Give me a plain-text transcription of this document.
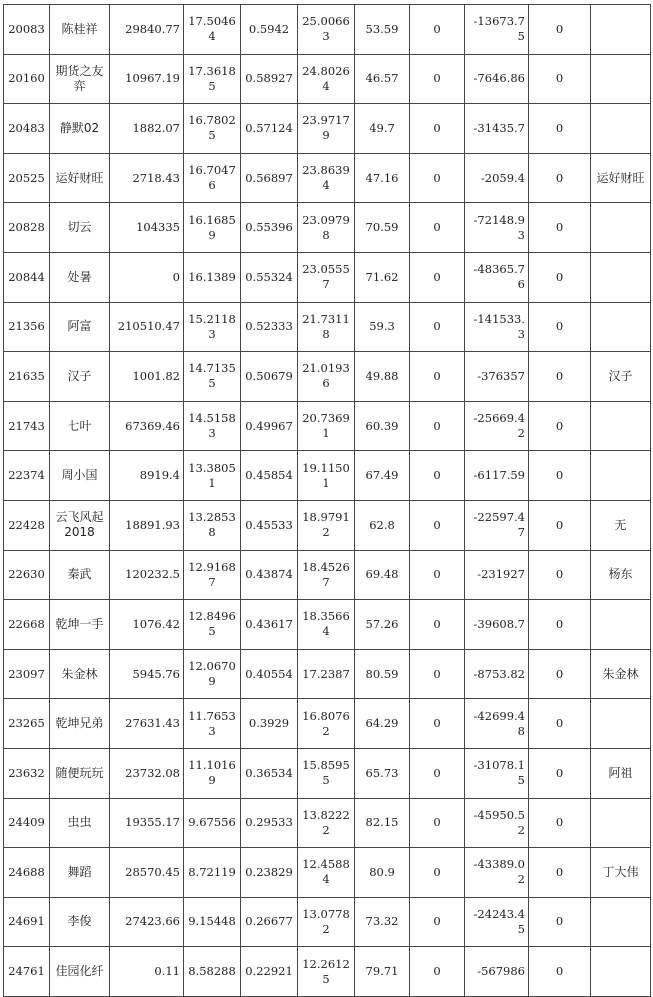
20083	陈桂祥	29840.77	17.50464	0.5942	25.00663	53.59	0	-13673.75	0	
20160	期货之友弈	10967.19	17.36185	0.58927	24.80264	46.57	0	-7646.86	0	
20483	静默02	1882.07	16.78025	0.57124	23.97179	49.7	0	-31435.7	0	
20525	运好财旺	2718.43	16.70476	0.56897	23.86394	47.16	0	-2059.4	0	运好财旺
20828	切云	104335	16.16859	0.55396	23.09798	70.59	0	-72148.93	0	
20844	处暑	0	16.1389	0.55324	23.05557	71.62	0	-48365.76	0	
21356	阿富	210510.47	15.21183	0.52333	21.73118	59.3	0	-141533.3	0	
21635	汉子	1001.82	14.71355	0.50679	21.01936	49.88	0	-376357	0	汉子
21743	七叶	67369.46	14.51583	0.49967	20.73691	60.39	0	-25669.42	0	
22374	周小国	8919.4	13.38051	0.45854	19.11501	67.49	0	-6117.59	0	
22428	云飞风起2018	18891.93	13.28538	0.45533	18.97912	62.8	0	-22597.47	0	无
22630	秦武	120232.5	12.91687	0.43874	18.45267	69.48	0	-231927	0	杨东
22668	乾坤一手	1076.42	12.84965	0.43617	18.35664	57.26	0	-39608.7	0	
23097	朱金林	5945.76	12.06709	0.40554	17.2387	80.59	0	-8753.82	0	朱金林
23265	乾坤兄弟	27631.43	11.76533	0.3929	16.80762	64.29	0	-42699.48	0	
23632	随便玩玩	23732.08	11.10169	0.36534	15.85955	65.73	0	-31078.15	0	阿祖
24409	虫虫	19355.17	9.67556	0.29533	13.82222	82.15	0	-45950.52	0	
24688	舞蹈	28570.45	8.72119	0.23829	12.45884	80.9	0	-43389.02	0	丁大伟
24691	李俊	27423.66	9.15448	0.26677	13.07782	73.32	0	-24243.45	0	
24761	佳园化纤	0.11	8.58288	0.22921	12.26125	79.71	0	-567986	0	
